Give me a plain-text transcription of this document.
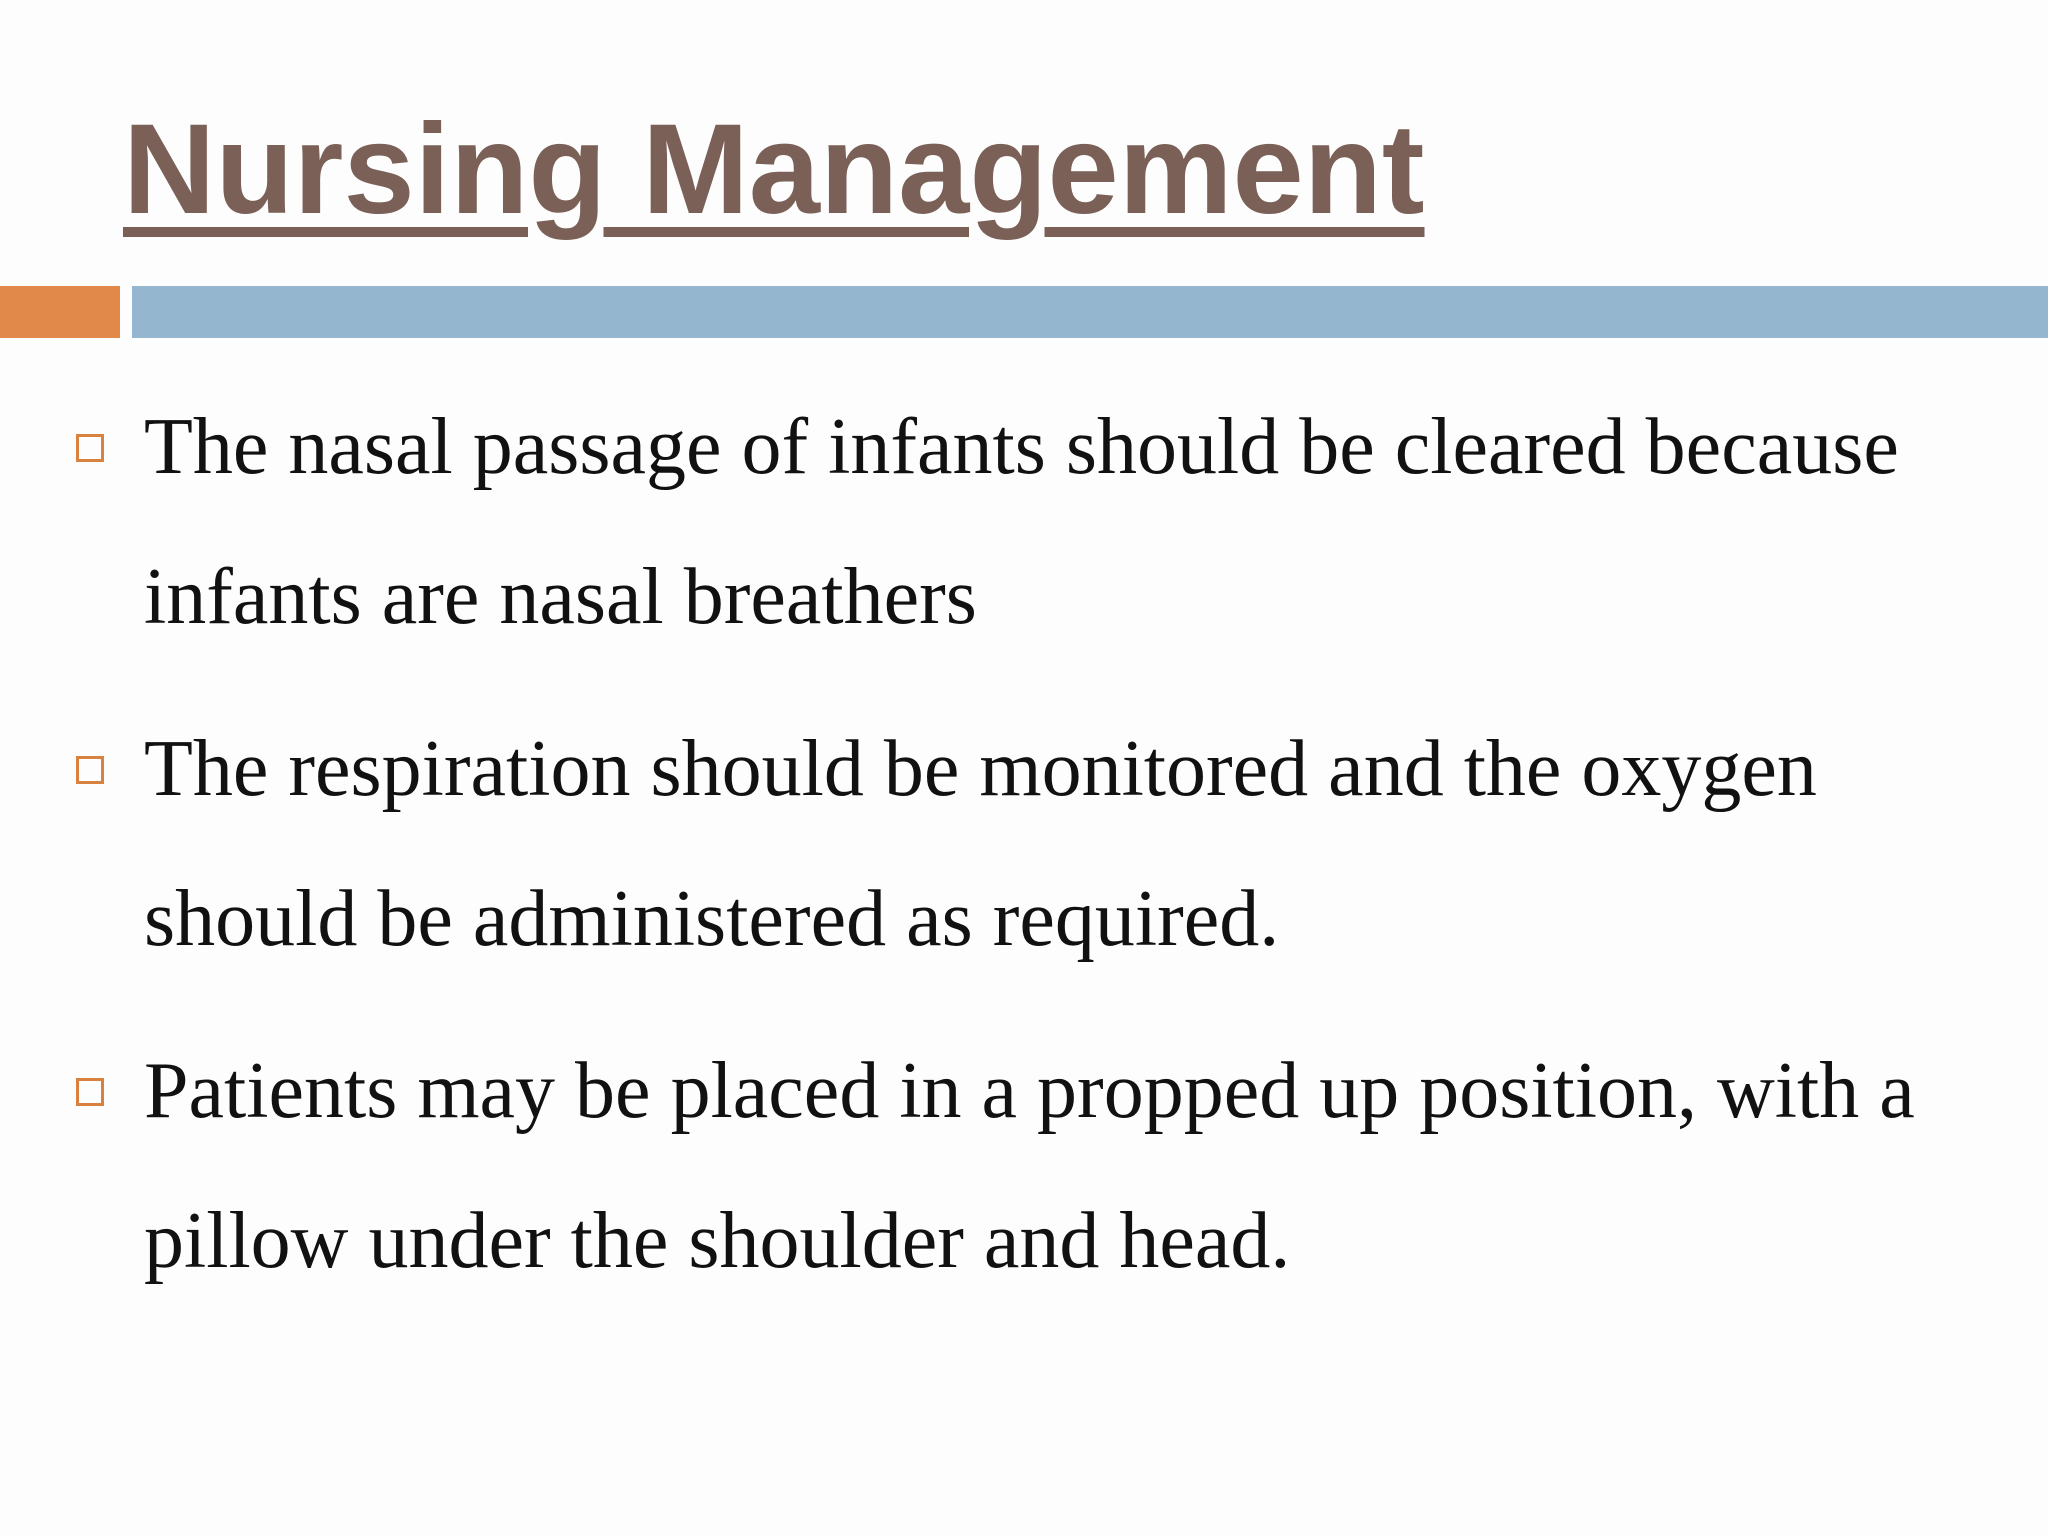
Nursing Management
The nasal passage of infants should be cleared because infants are nasal breathers
The respiration should be monitored and the oxygen should be administered as required.
Patients may be placed in a propped up position, with a pillow under the shoulder and head.
